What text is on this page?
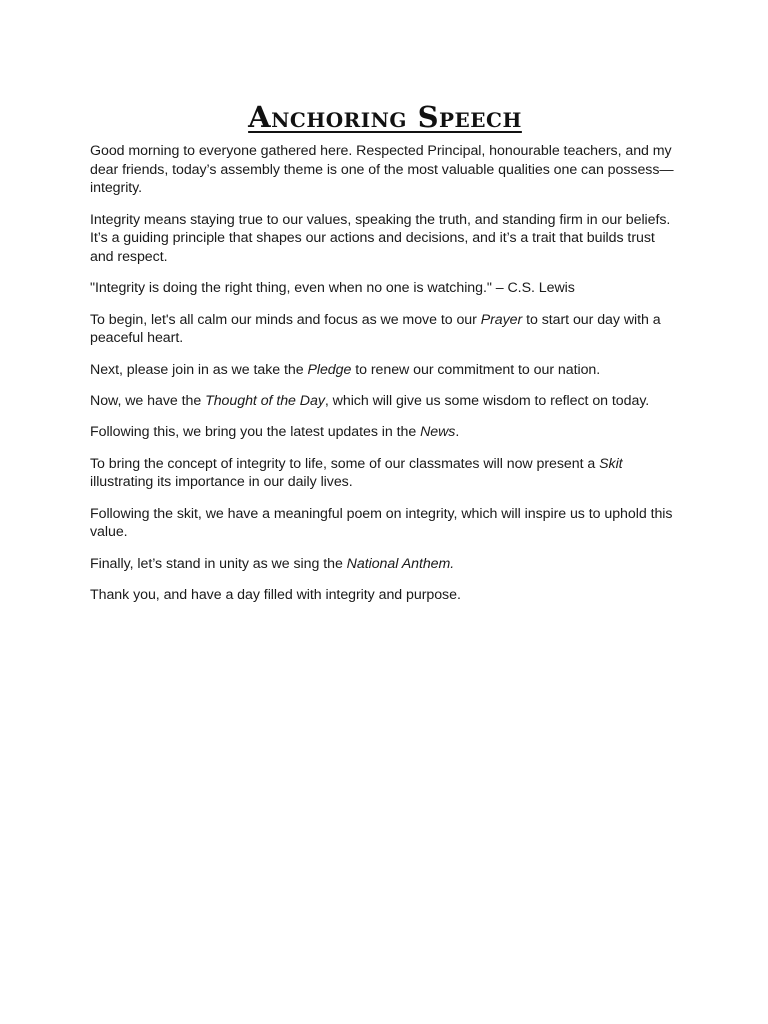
Anchoring Speech

Good morning to everyone gathered here. Respected Principal, honourable teachers, and my dear friends, today’s assembly theme is one of the most valuable qualities one can possess—integrity.

Integrity means staying true to our values, speaking the truth, and standing firm in our beliefs. It’s a guiding principle that shapes our actions and decisions, and it’s a trait that builds trust and respect.

"Integrity is doing the right thing, even when no one is watching." – C.S. Lewis

To begin, let's all calm our minds and focus as we move to our Prayer to start our day with a peaceful heart.

Next, please join in as we take the Pledge to renew our commitment to our nation.

Now, we have the Thought of the Day, which will give us some wisdom to reflect on today.

Following this, we bring you the latest updates in the News.

To bring the concept of integrity to life, some of our classmates will now present a Skit illustrating its importance in our daily lives.

Following the skit, we have a meaningful poem on integrity, which will inspire us to uphold this value.

Finally, let’s stand in unity as we sing the National Anthem.

Thank you, and have a day filled with integrity and purpose.
